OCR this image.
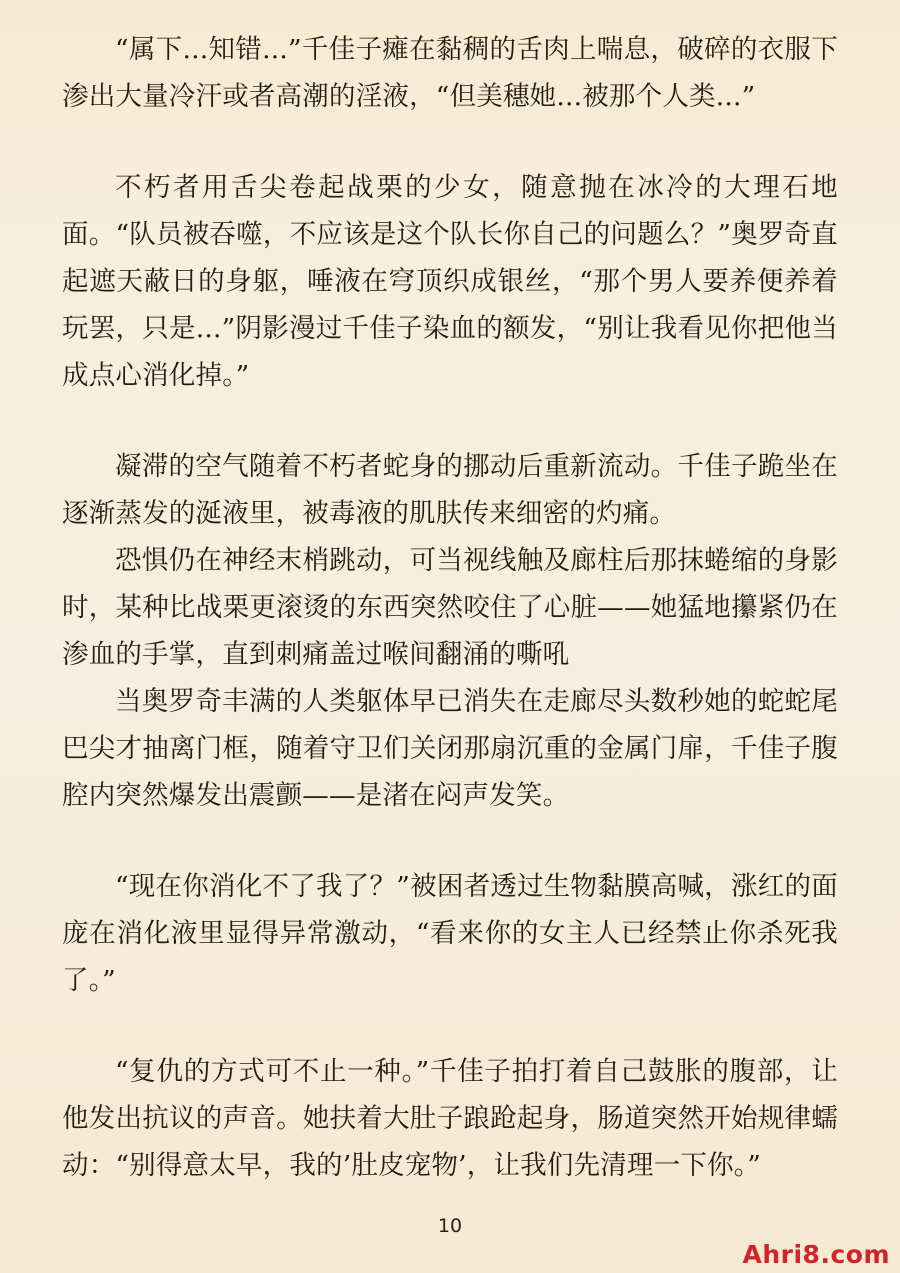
“属下...知错...”千佳子瘫在黏稠的舌肉上喘息，破碎的衣服下渗出大量冷汗或者高潮的淫液，“但美穗她...被那个人类...”

不朽者用舌尖卷起战栗的少女，随意抛在冰冷的大理石地面。“队员被吞噬，不应该是这个队长你自己的问题么？”奥罗奇直起遮天蔽日的身躯，唾液在穹顶织成银丝，“那个男人要养便养着玩罢，只是...”阴影漫过千佳子染血的额发，“别让我看见你把他当成点心消化掉。”

凝滞的空气随着不朽者蛇身的挪动后重新流动。千佳子跪坐在逐渐蒸发的涎液里，被毒液的肌肤传来细密的灼痛。

恐惧仍在神经末梢跳动，可当视线触及廊柱后那抹蜷缩的身影时，某种比战栗更滚烫的东西突然咬住了心脏——她猛地攥紧仍在渗血的手掌，直到刺痛盖过喉间翻涌的嘶吼

当奥罗奇丰满的人类躯体早已消失在走廊尽头数秒她的蛇蛇尾巴尖才抽离门框，随着守卫们关闭那扇沉重的金属门扉，千佳子腹腔内突然爆发出震颤——是渚在闷声发笑。

“现在你消化不了我了？”被困者透过生物黏膜高喊，涨红的面庞在消化液里显得异常激动，“看来你的女主人已经禁止你杀死我了。”

“复仇的方式可不止一种。”千佳子拍打着自己鼓胀的腹部，让他发出抗议的声音。她扶着大肚子踉跄起身，肠道突然开始规律蠕动：“别得意太早，我的’肚皮宠物’，让我们先清理一下你。”

10
Ahri8.com
